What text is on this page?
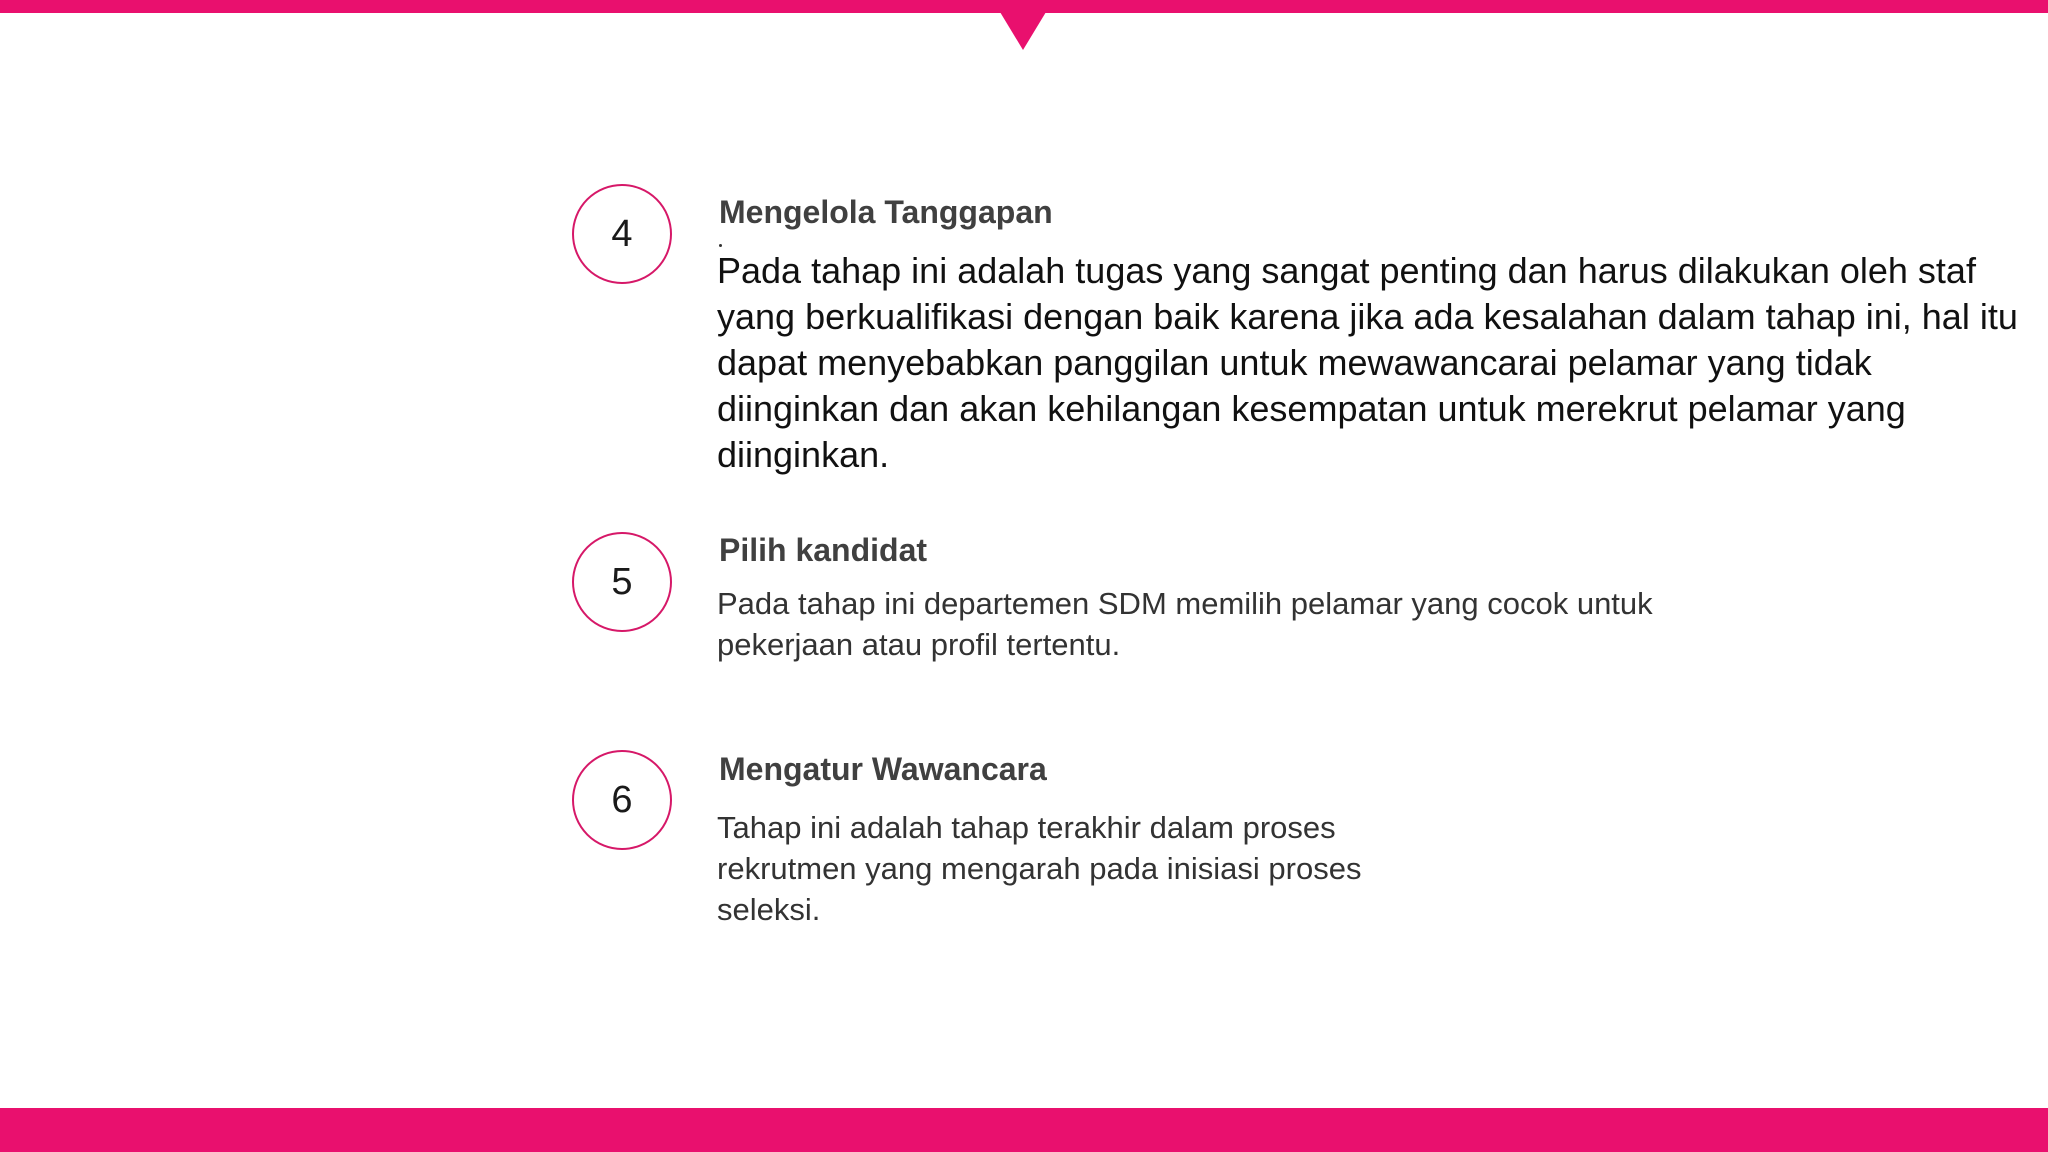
4
Mengelola Tanggapan
Pada tahap ini adalah tugas yang sangat penting dan harus dilakukan oleh staf yang berkualifikasi dengan baik karena jika ada kesalahan dalam tahap ini, hal itu dapat menyebabkan panggilan untuk mewawancarai pelamar yang tidak diinginkan dan akan kehilangan kesempatan untuk merekrut pelamar yang diinginkan.
5
Pilih kandidat
Pada tahap ini departemen SDM memilih pelamar yang cocok untuk pekerjaan atau profil tertentu.
6
Mengatur Wawancara
Tahap ini adalah tahap terakhir dalam proses rekrutmen yang mengarah pada inisiasi proses seleksi.
